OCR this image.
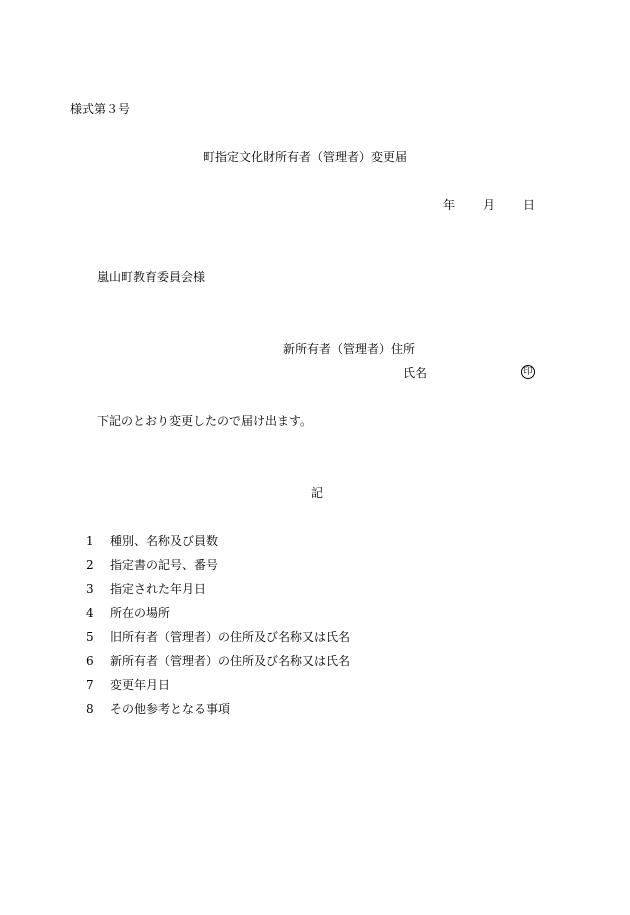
様式第３号
町指定文化財所有者（管理者）変更届
年 月 日
嵐山町教育委員会様
新所有者（管理者）住所
氏名	印
下記のとおり変更したので届け出ます。
記
1 種別、名称及び員数
2 指定書の記号、番号
3 指定された年月日
4 所在の場所
5 旧所有者（管理者）の住所及び名称又は氏名
6 新所有者（管理者）の住所及び名称又は氏名
7 変更年月日
8 その他参考となる事項
